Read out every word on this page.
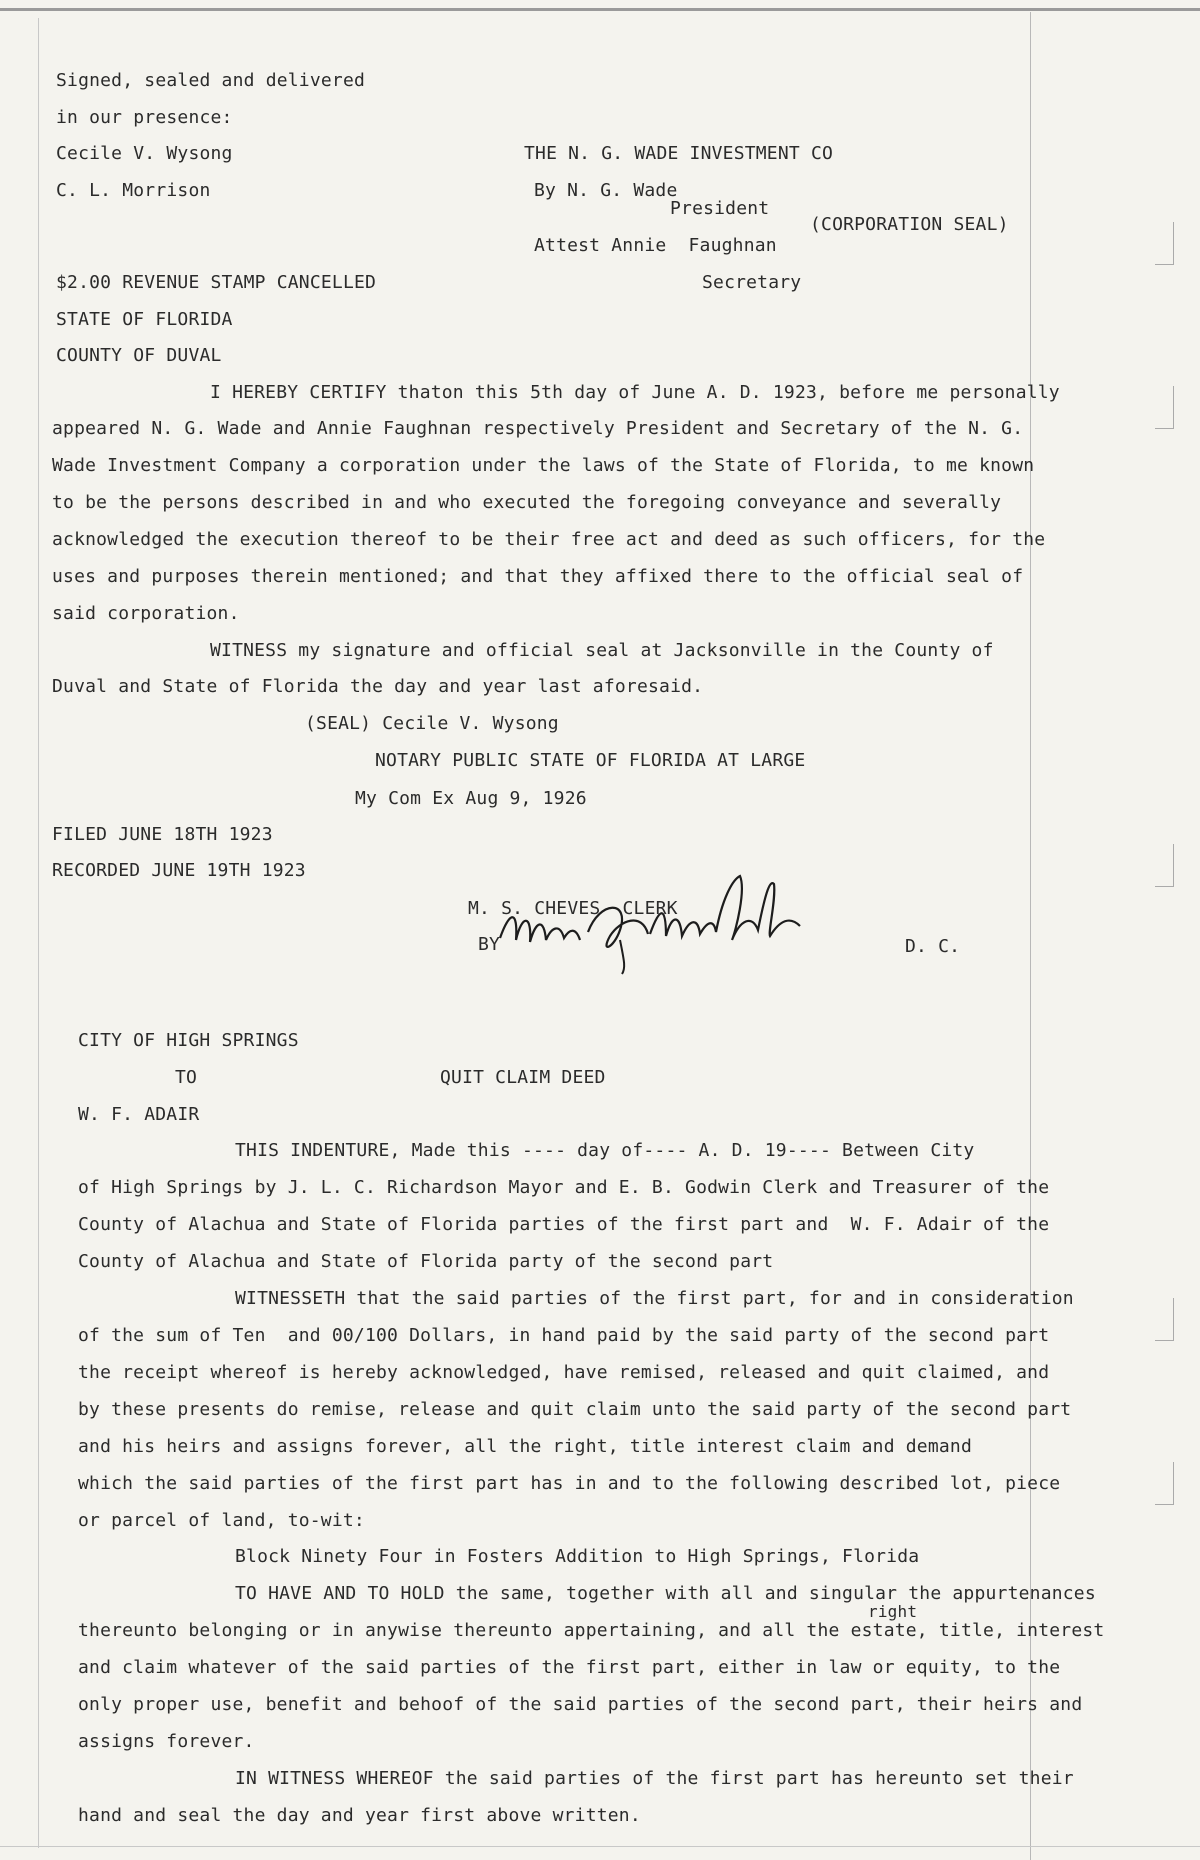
Signed, sealed and delivered
in our presence:
Cecile V. Wysong
C. L. Morrison
THE N. G. WADE INVESTMENT CO
By N. G. Wade
President
(CORPORATION SEAL)
Attest Annie  Faughnan
Secretary
$2.00 REVENUE STAMP CANCELLED
STATE OF FLORIDA
COUNTY OF DUVAL
I HEREBY CERTIFY thaton this 5th day of June A. D. 1923, before me personally
appeared N. G. Wade and Annie Faughnan respectively President and Secretary of the N. G.
Wade Investment Company a corporation under the laws of the State of Florida, to me known
to be the persons described in and who executed the foregoing conveyance and severally
acknowledged the execution thereof to be their free act and deed as such officers, for the
uses and purposes therein mentioned; and that they affixed there to the official seal of
said corporation.
WITNESS my signature and official seal at Jacksonville in the County of
Duval and State of Florida the day and year last aforesaid.
(SEAL) Cecile V. Wysong
NOTARY PUBLIC STATE OF FLORIDA AT LARGE
My Com Ex Aug 9, 1926
FILED JUNE 18TH 1923
RECORDED JUNE 19TH 1923
M. S. CHEVES  CLERK
BY	D. C.
CITY OF HIGH SPRINGS
TO	QUIT CLAIM DEED
W. F. ADAIR
THIS INDENTURE, Made this ---- day of---- A. D. 19---- Between City
of High Springs by J. L. C. Richardson Mayor and E. B. Godwin Clerk and Treasurer of the
County of Alachua and State of Florida parties of the first part and  W. F. Adair of the
County of Alachua and State of Florida party of the second part
WITNESSETH that the said parties of the first part, for and in consideration
of the sum of Ten  and 00/100 Dollars, in hand paid by the said party of the second part
the receipt whereof is hereby acknowledged, have remised, released and quit claimed, and
by these presents do remise, release and quit claim unto the said party of the second part
and his heirs and assigns forever, all the right, title interest claim and demand
which the said parties of the first part has in and to the following described lot, piece
or parcel of land, to-wit:
Block Ninety Four in Fosters Addition to High Springs, Florida
TO HAVE AND TO HOLD the same, together with all and singular the appurtenances
right
thereunto belonging or in anywise thereunto appertaining, and all the estate, title, interest
and claim whatever of the said parties of the first part, either in law or equity, to the
only proper use, benefit and behoof of the said parties of the second part, their heirs and
assigns forever.
IN WITNESS WHEREOF the said parties of the first part has hereunto set their
hand and seal the day and year first above written.
